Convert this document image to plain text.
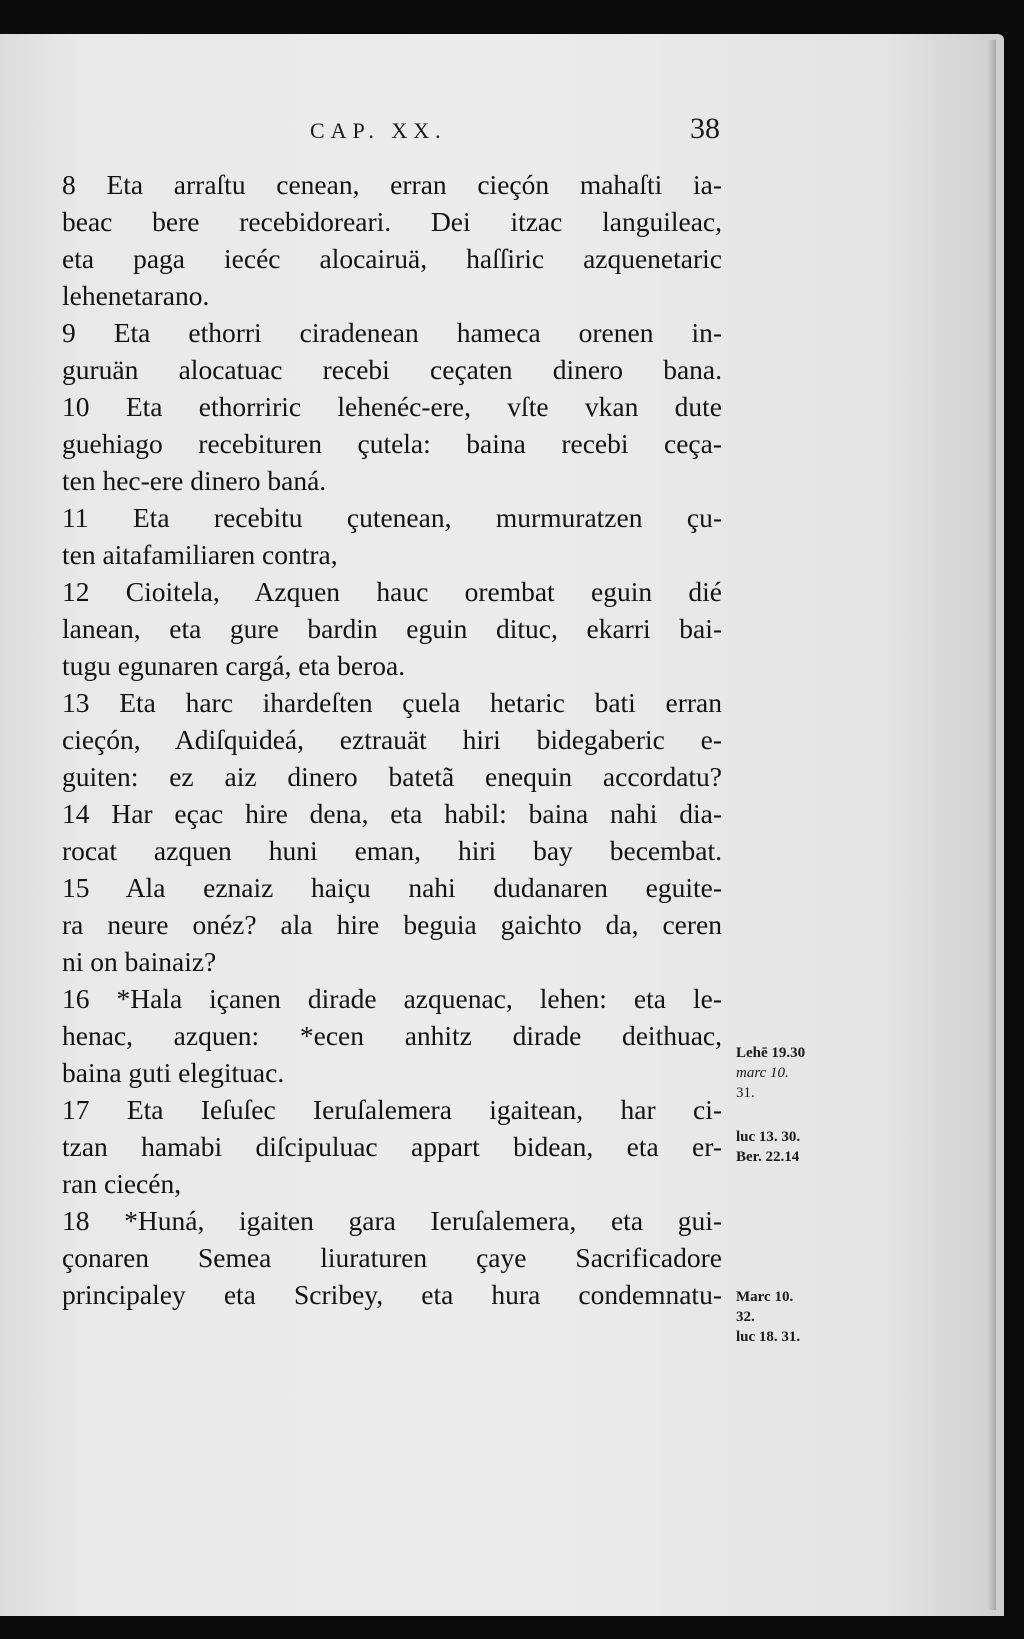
CAP. XX.	38
8 Eta arraſtu cenean, erran cieçón mahaſti ia-
beac bere recebidoreari. Dei itzac languileac,
eta paga iecéc alocairuä, haſſiric azquenetaric
lehenetarano.
9 Eta ethorri ciradenean hameca orenen in-
guruän alocatuac recebi ceçaten dinero bana.
10 Eta ethorriric lehenéc-ere, vſte vkan dute
guehiago recebituren çutela: baina recebi ceça-
ten hec-ere dinero baná.
11 Eta recebitu çutenean, murmuratzen çu-
ten aitafamiliaren contra,
12 Cioitela, Azquen hauc orembat eguin dié
lanean, eta gure bardin eguin dituc, ekarri bai-
tugu egunaren cargá, eta beroa.
13 Eta harc ihardeſten çuela hetaric bati erran
cieçón, Adiſquideá, eztrauät hiri bidegaberic e-
guiten: ez aiz dinero batetã enequin accordatu?
14 Har eçac hire dena, eta habil: baina nahi dia-
rocat azquen huni eman, hiri bay becembat.
15 Ala eznaiz haiçu nahi dudanaren eguite-
ra neure onéz? ala hire beguia gaichto da, ceren
ni on bainaiz?
16 *Hala içanen dirade azquenac, lehen: eta le-
henac, azquen: *ecen anhitz dirade deithuac,
baina guti elegituac.
17 Eta Ieſuſec Ieruſalemera igaitean, har ci-
tzan hamabi diſcipuluac appart bidean, eta er-
ran ciecén,
18 *Huná, igaiten gara Ieruſalemera, eta gui-
çonaren Semea liuraturen çaye Sacrificadore
principaley eta Scribey, eta hura condemnatu-
Lehē 19.30
marc 10.
31.
luc 13. 30.
Ber. 22.14
Marc 10.
32.
luc 18. 31.
